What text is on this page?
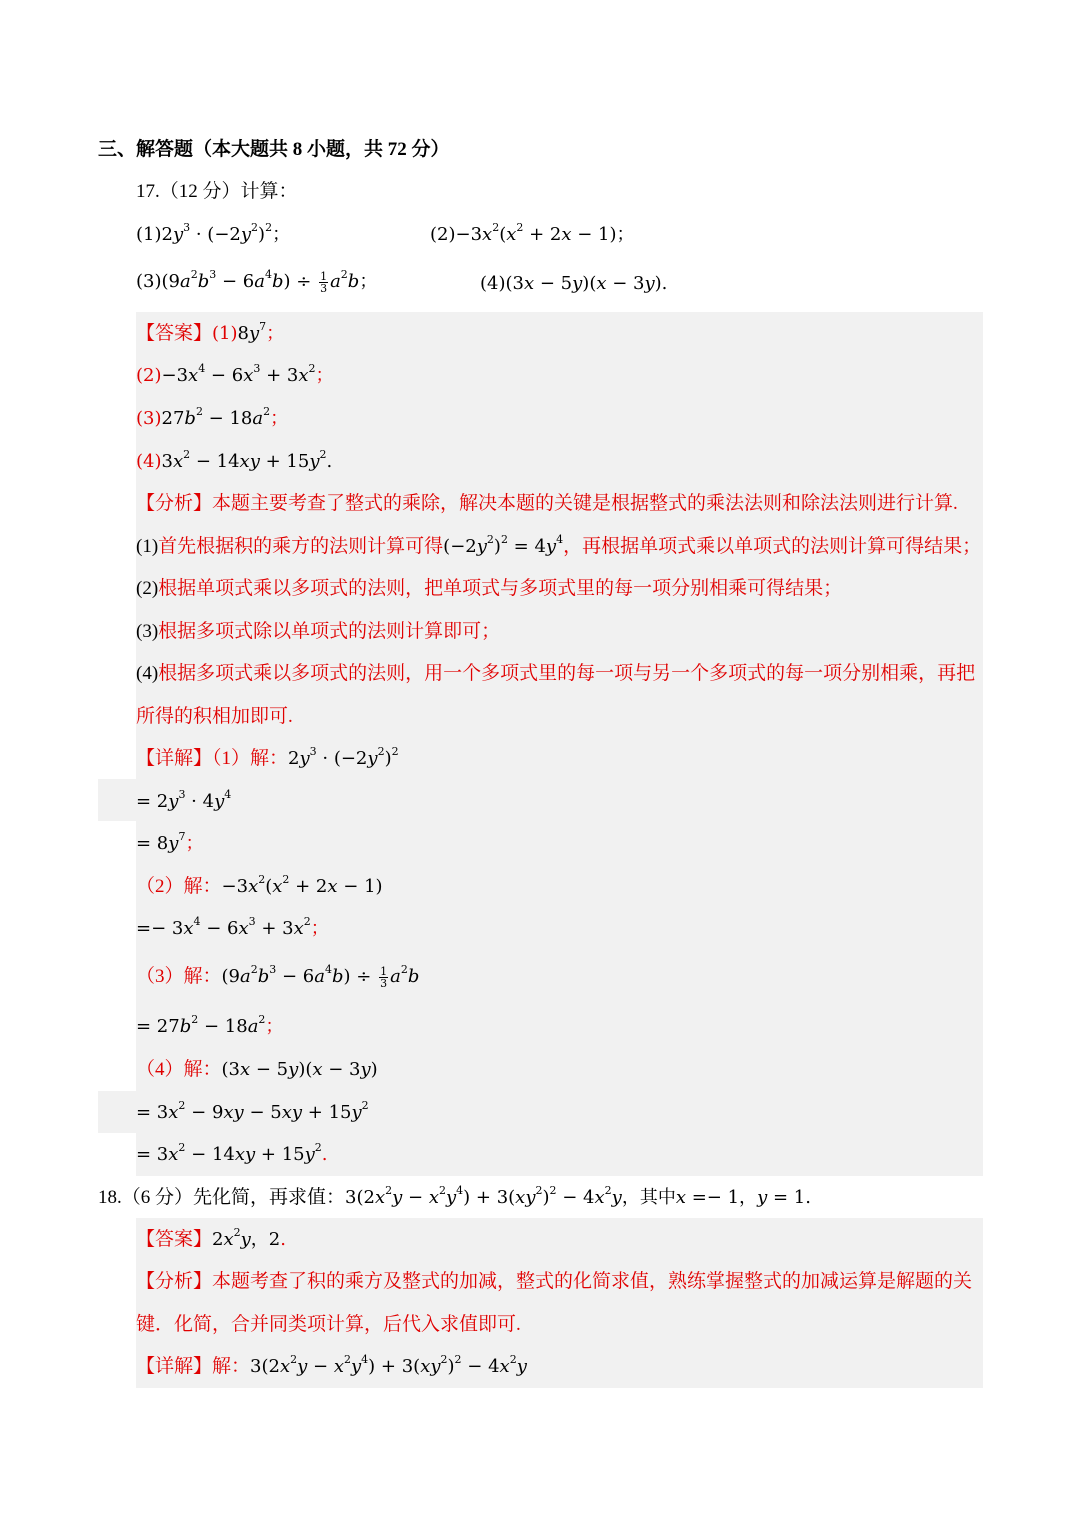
三、解答题（本大题共 8 小题，共 72 分）
17.（12 分）计算：
$(1)2y^3 \cdot (-2y^2)^2$；	$(2)-3x^2(x^2 + 2x - 1)$；
$(3)(9a^2b^3 - 6a^4b) \div \frac{1}{3} a^2b$；	(4)(3x − 5y)(x − 3y).
【答案】$(1)8y^7$；
$(2)-3x^4 - 6x^3 + 3x^2$；
$(3)27b^2 - 18a^2$；
$(4)3x^2 - 14xy + 15y^2$.
【分析】本题主要考查了整式的乘除，解决本题的关键是根据整式的乘法法则和除法法则进行计算.
(1)首先根据积的乘方的法则计算可得$(-2y^2)^2 = 4y^4$，再根据单项式乘以单项式的法则计算可得结果；
(2)根据单项式乘以多项式的法则，把单项式与多项式里的每一项分别相乘可得结果；
(3)根据多项式除以单项式的法则计算即可；
(4)根据多项式乘以多项式的法则，用一个多项式里的每一项与另一个多项式的每一项分别相乘，再把
所得的积相加即可.
【详解】（1）解：$2y^3 \cdot (-2y^2)^2$
= $2y^3 \cdot 4y^4$
= $8y^7$；
（2）解：$-3x^2(x^2 + 2x - 1)$
=− $3x^4 - 6x^3 + 3x^2$；
（3）解：$(9a^2b^3 - 6a^4b) \div \frac{1}{3} a^2b$
= $27b^2 - 18a^2$；
（4）解：(3x − 5y)(x − 3y)
= $3x^2 - 9xy - 5xy + 15y^2$
= $3x^2 - 14xy + 15y^2$.
18.（6 分）先化简，再求值：$3(2x^2y - x^2y^4) + 3(xy^2)^2 - 4x^2y$，其中x =− 1，y = 1.
【答案】$2x^2y$，2.
【分析】本题考查了积的乘方及整式的加减，整式的化简求值，熟练掌握整式的加减运算是解题的关
键．化简，合并同类项计算，后代入求值即可.
【详解】解：$3(2x^2y - x^2y^4) + 3(xy^2)^2 - 4x^2y$
